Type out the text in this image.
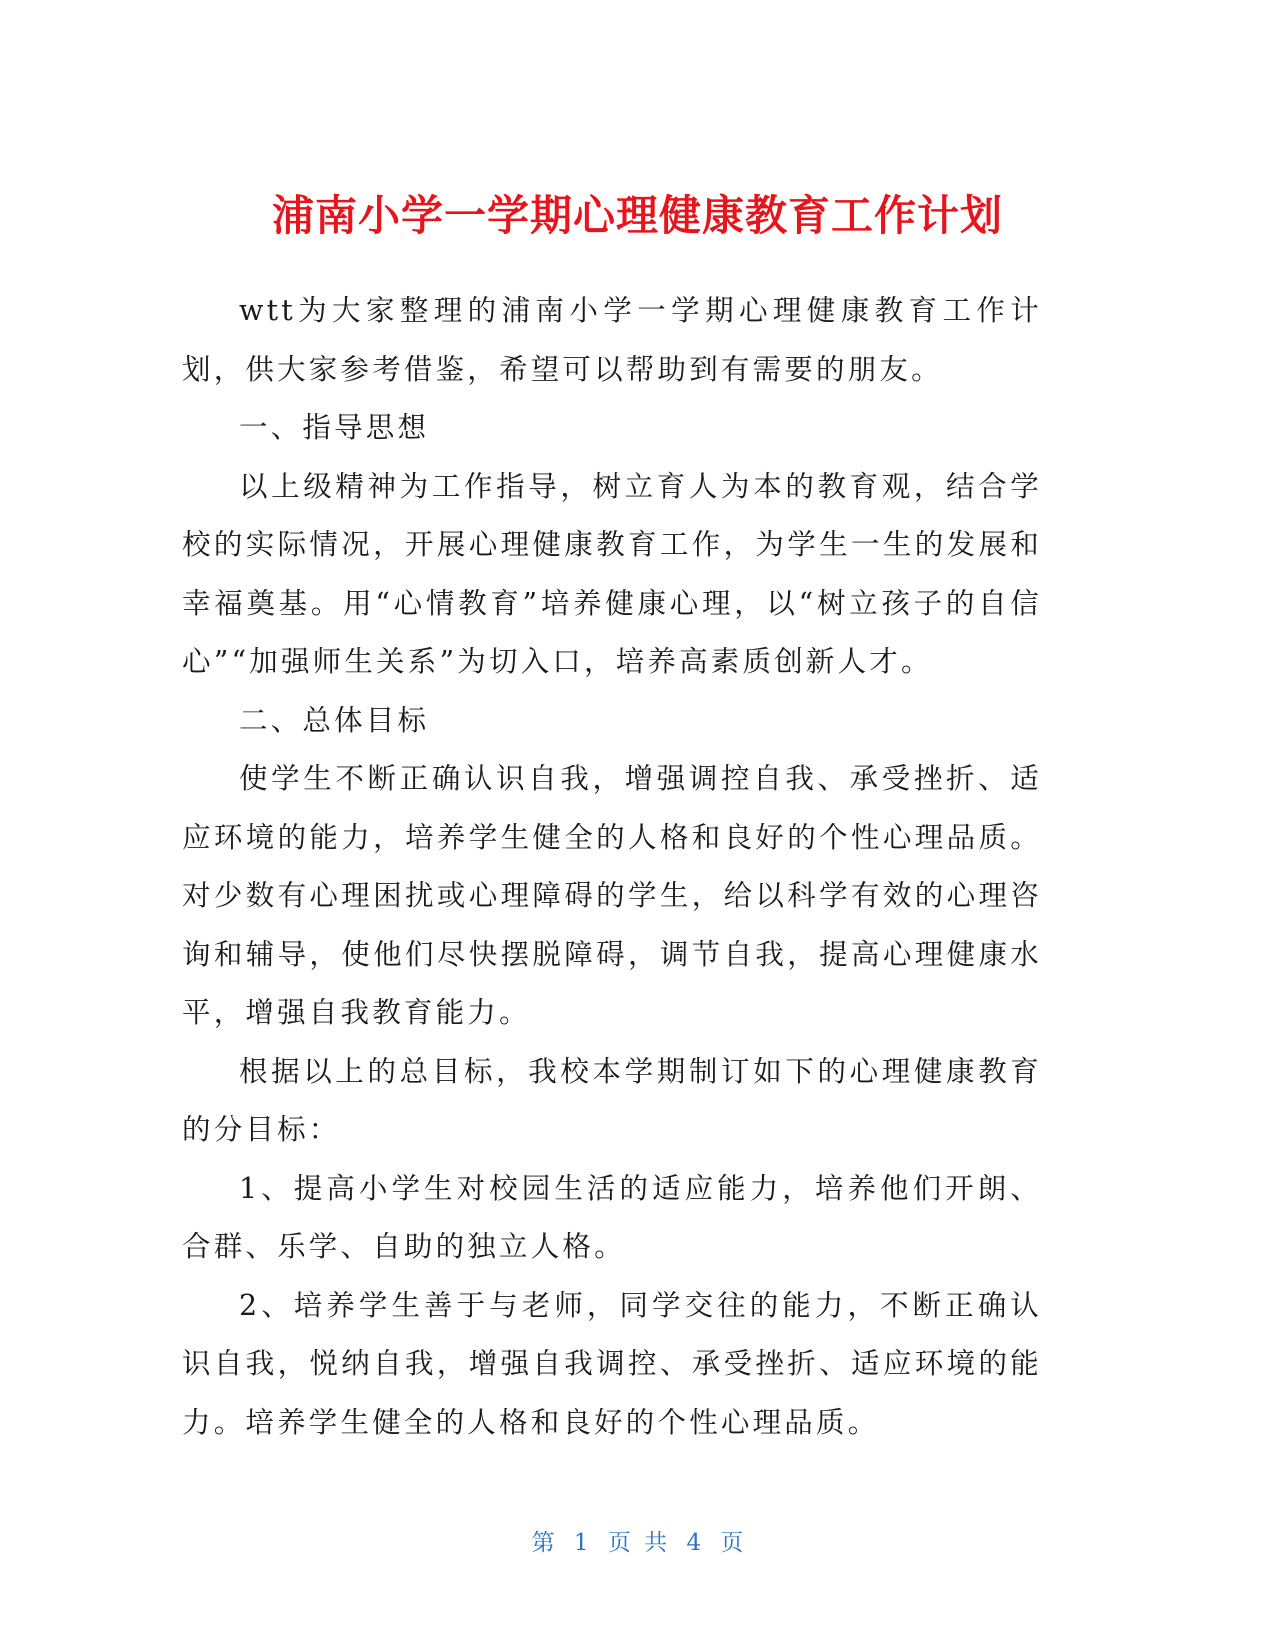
浦南小学一学期心理健康教育工作计划

wtt为大家整理的浦南小学一学期心理健康教育工作计划，供大家参考借鉴，希望可以帮助到有需要的朋友。

一、指导思想

以上级精神为工作指导，树立育人为本的教育观，结合学校的实际情况，开展心理健康教育工作，为学生一生的发展和幸福奠基。用“心情教育”培养健康心理，以“树立孩子的自信心”“加强师生关系”为切入口，培养高素质创新人才。

二、总体目标

使学生不断正确认识自我，增强调控自我、承受挫折、适应环境的能力，培养学生健全的人格和良好的个性心理品质。对少数有心理困扰或心理障碍的学生，给以科学有效的心理咨询和辅导，使他们尽快摆脱障碍，调节自我，提高心理健康水平，增强自我教育能力。

根据以上的总目标，我校本学期制订如下的心理健康教育的分目标：

1、提高小学生对校园生活的适应能力，培养他们开朗、合群、乐学、自助的独立人格。

2、培养学生善于与老师，同学交往的能力，不断正确认识自我，悦纳自我，增强自我调控、承受挫折、适应环境的能力。培养学生健全的人格和良好的个性心理品质。

第 1 页 共 4 页
